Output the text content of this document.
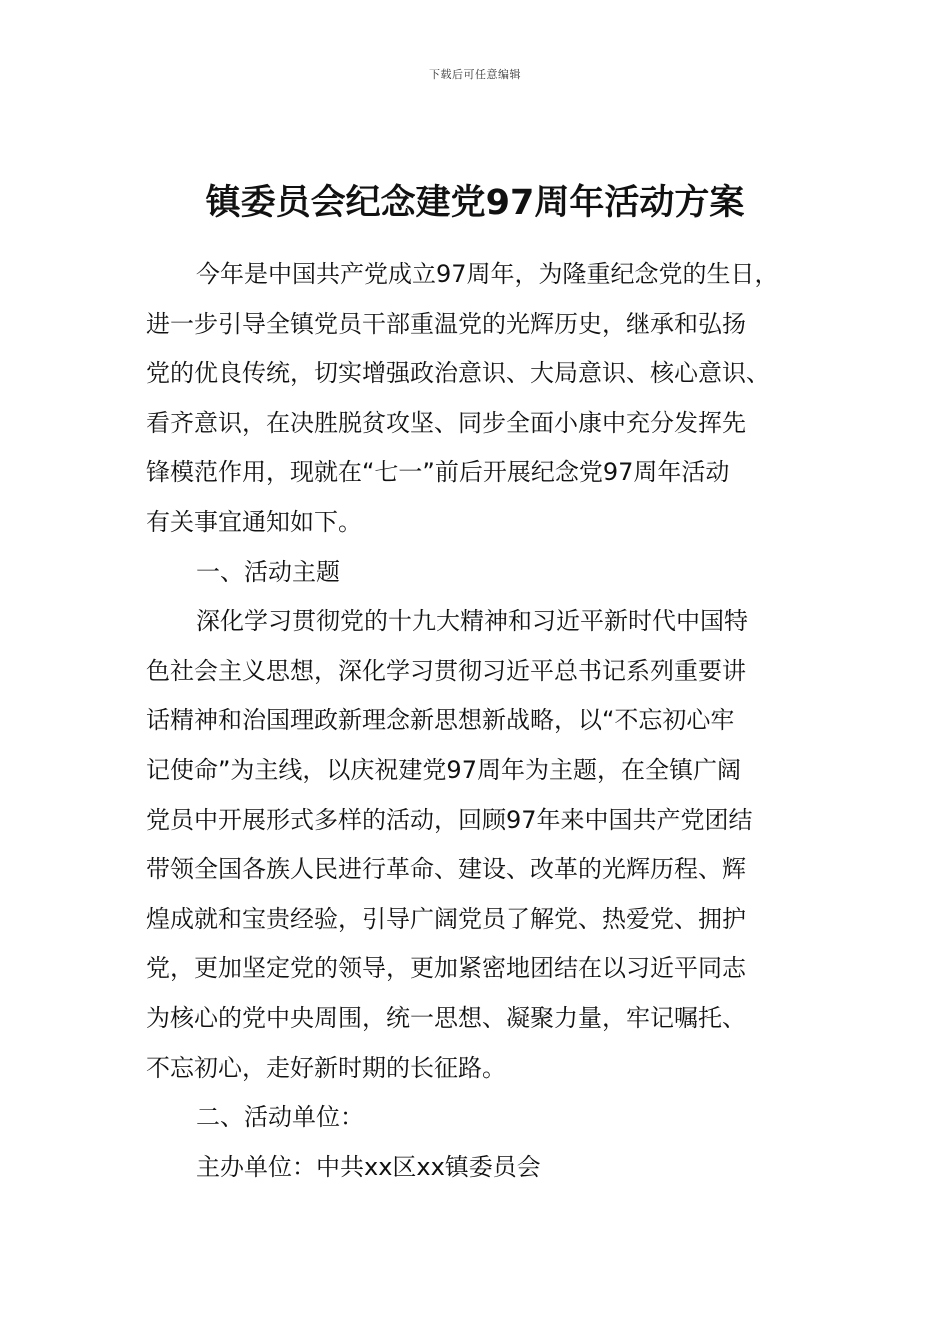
下载后可任意编辑
镇委员会纪念建党97周年活动方案
今年是中国共产党成立97周年，为隆重纪念党的生日，
进一步引导全镇党员干部重温党的光辉历史，继承和弘扬
党的优良传统，切实增强政治意识、大局意识、核心意识、
看齐意识，在决胜脱贫攻坚、同步全面小康中充分发挥先
锋模范作用，现就在“七一”前后开展纪念党97周年活动
有关事宜通知如下。
一、活动主题
深化学习贯彻党的十九大精神和习近平新时代中国特
色社会主义思想，深化学习贯彻习近平总书记系列重要讲
话精神和治国理政新理念新思想新战略，以“不忘初心牢
记使命”为主线，以庆祝建党97周年为主题，在全镇广阔
党员中开展形式多样的活动，回顾97年来中国共产党团结
带领全国各族人民进行革命、建设、改革的光辉历程、辉
煌成就和宝贵经验，引导广阔党员了解党、热爱党、拥护
党，更加坚定党的领导，更加紧密地团结在以习近平同志
为核心的党中央周围，统一思想、凝聚力量，牢记嘱托、
不忘初心，走好新时期的长征路。
二、活动单位：
主办单位：中共xx区xx镇委员会
